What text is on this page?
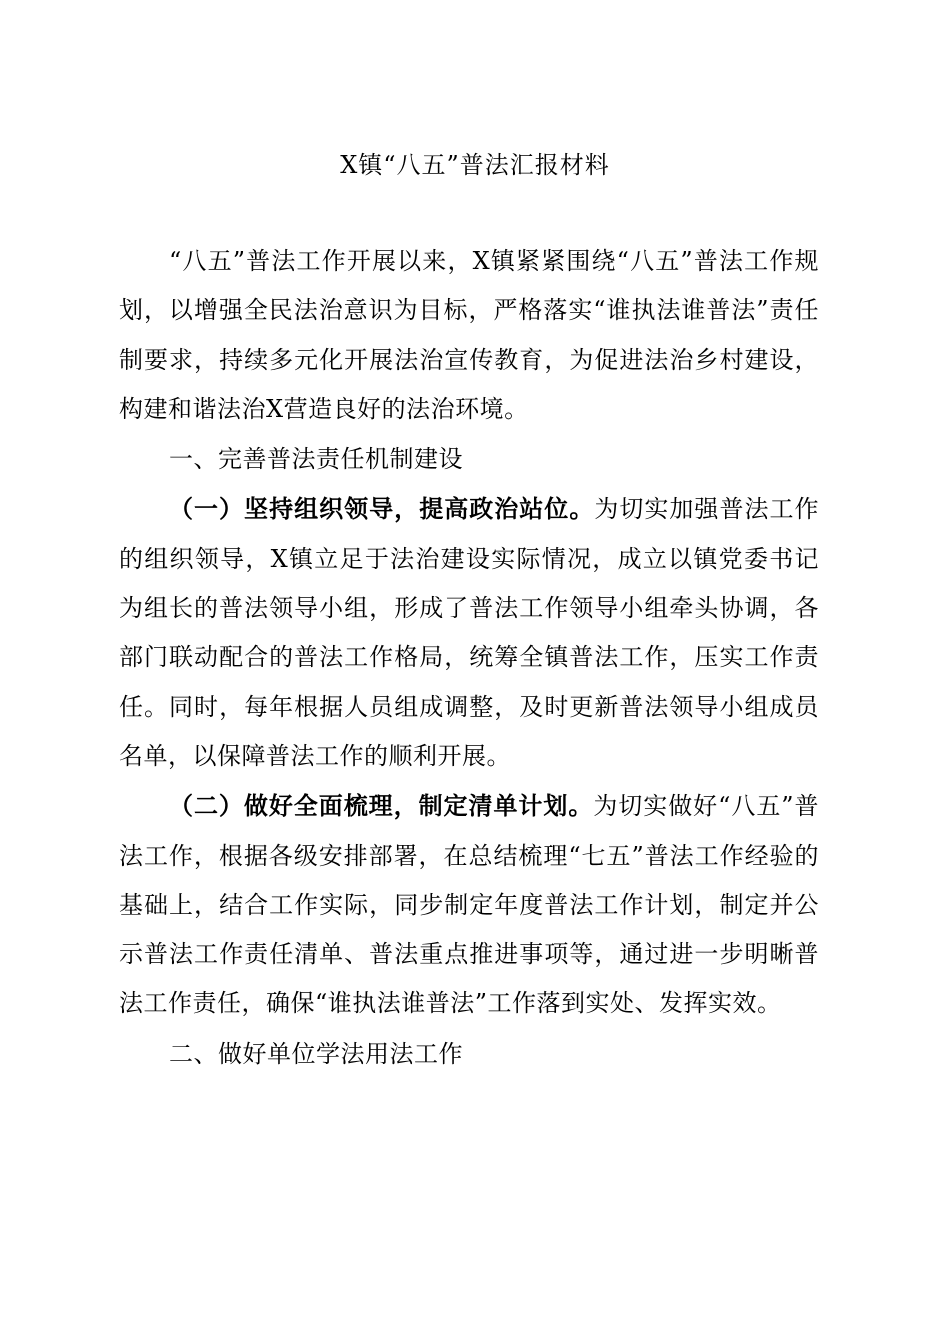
X镇“八五”普法汇报材料

“八五”普法工作开展以来，X镇紧紧围绕“八五”普法工作规划，以增强全民法治意识为目标，严格落实“谁执法谁普法”责任制要求，持续多元化开展法治宣传教育，为促进法治乡村建设，构建和谐法治X营造良好的法治环境。

一、完善普法责任机制建设

（一）坚持组织领导，提高政治站位。为切实加强普法工作的组织领导，X镇立足于法治建设实际情况，成立以镇党委书记为组长的普法领导小组，形成了普法工作领导小组牵头协调，各部门联动配合的普法工作格局，统筹全镇普法工作，压实工作责任。同时，每年根据人员组成调整，及时更新普法领导小组成员名单，以保障普法工作的顺利开展。

（二）做好全面梳理，制定清单计划。为切实做好“八五”普法工作，根据各级安排部署，在总结梳理“七五”普法工作经验的基础上，结合工作实际，同步制定年度普法工作计划，制定并公示普法工作责任清单、普法重点推进事项等，通过进一步明晰普法工作责任，确保“谁执法谁普法”工作落到实处、发挥实效。

二、做好单位学法用法工作
